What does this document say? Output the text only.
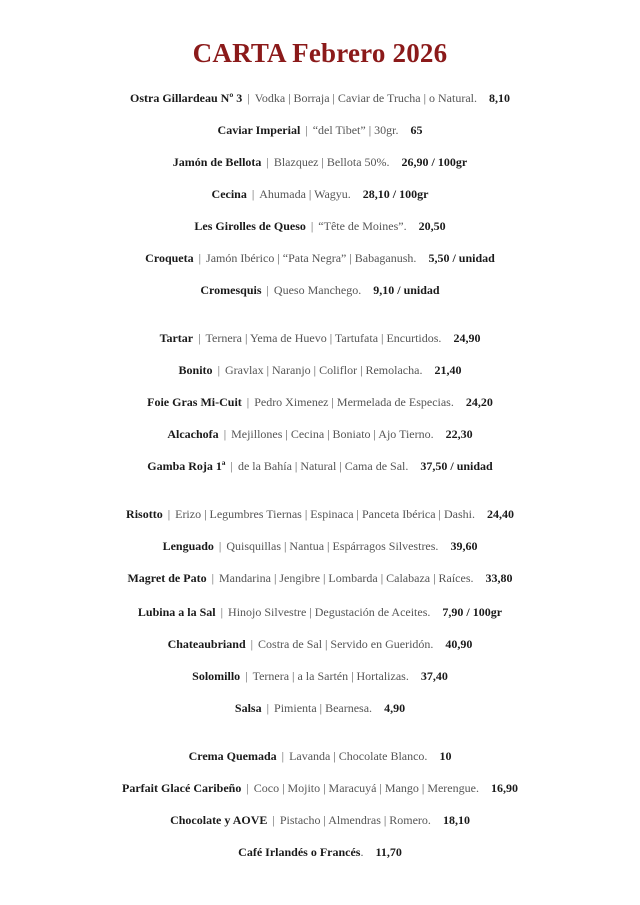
CARTA Febrero 2026
Ostra Gillardeau Nº 3 | Vodka | Borraja | Caviar de Trucha | o Natural. 8,10
Caviar Imperial | “del Tibet” | 30gr. 65
Jamón de Bellota | Blazquez | Bellota 50%. 26,90 / 100gr
Cecina | Ahumada | Wagyu. 28,10 / 100gr
Les Girolles de Queso | “Tête de Moines”. 20,50
Croqueta | Jamón Ibérico | “Pata Negra” | Babaganush. 5,50 / unidad
Cromesquis | Queso Manchego. 9,10 / unidad
Tartar | Ternera | Yema de Huevo | Tartufata | Encurtidos. 24,90
Bonito | Gravlax | Naranjo | Coliflor | Remolacha. 21,40
Foie Gras Mi-Cuit | Pedro Ximenez | Mermelada de Especias. 24,20
Alcachofa | Mejillones | Cecina | Boniato | Ajo Tierno. 22,30
Gamba Roja 1ª | de la Bahía | Natural | Cama de Sal. 37,50 / unidad
Risotto | Erizo | Legumbres Tiernas | Espinaca | Panceta Ibérica | Dashi. 24,40
Lenguado | Quisquillas | Nantua | Espárragos Silvestres. 39,60
Magret de Pato | Mandarina | Jengibre | Lombarda | Calabaza | Raíces. 33,80
Lubina a la Sal | Hinojo Silvestre | Degustación de Aceites. 7,90 / 100gr
Chateaubriand | Costra de Sal | Servido en Gueridón. 40,90
Solomillo | Ternera | a la Sartén | Hortalizas. 37,40
Salsa | Pimienta | Bearnesa. 4,90
Crema Quemada | Lavanda | Chocolate Blanco. 10
Parfait Glacé Caribeño | Coco | Mojito | Maracuyá | Mango | Merengue. 16,90
Chocolate y AOVE | Pistacho | Almendras | Romero. 18,10
Café Irlandés o Francés. 11,70
